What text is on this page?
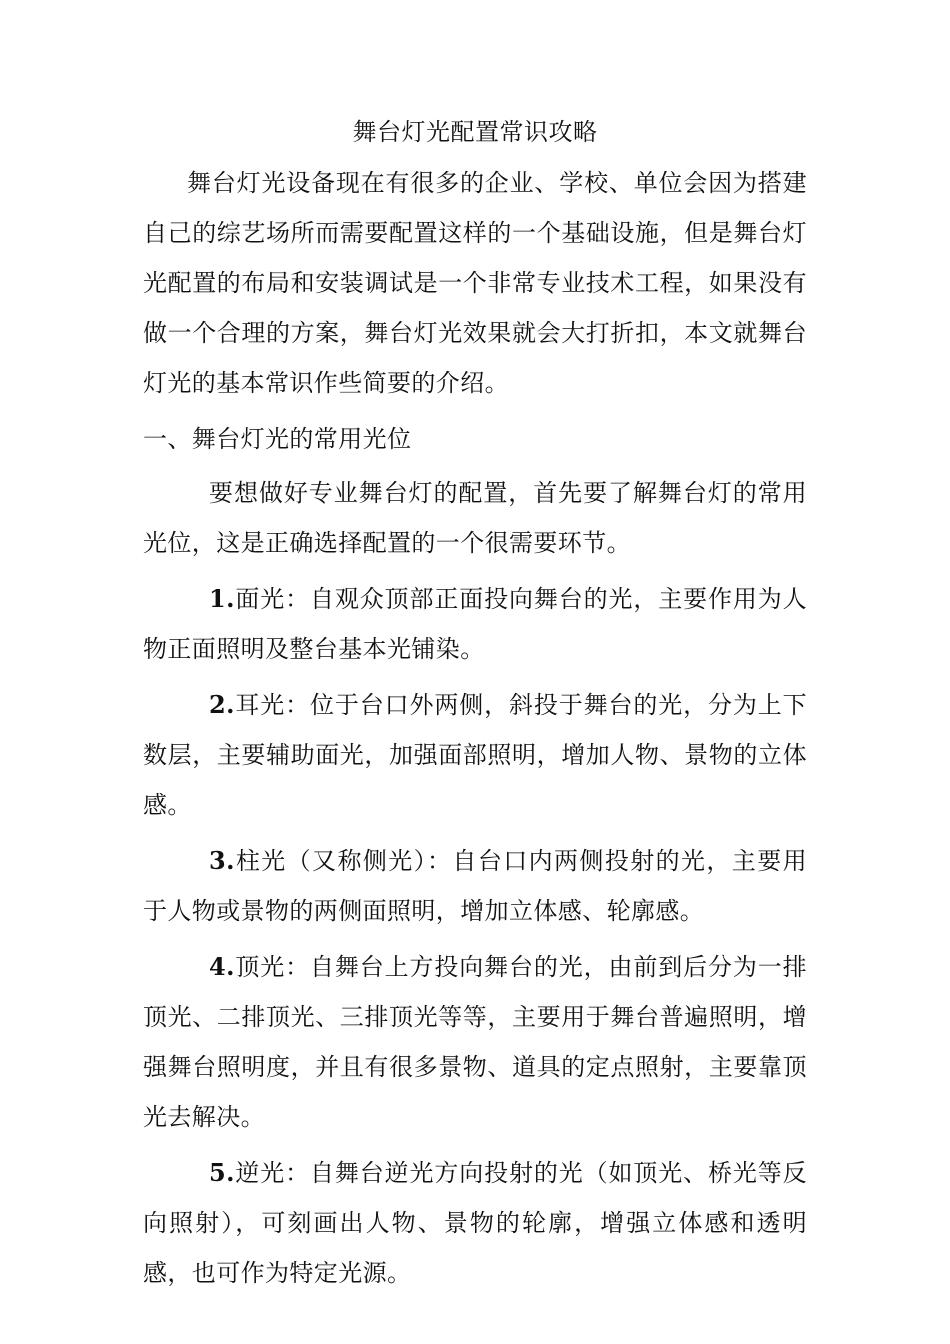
舞台灯光配置常识攻略

舞台灯光设备现在有很多的企业、学校、单位会因为搭建自己的综艺场所而需要配置这样的一个基础设施，但是舞台灯光配置的布局和安装调试是一个非常专业技术工程，如果没有做一个合理的方案，舞台灯光效果就会大打折扣，本文就舞台灯光的基本常识作些简要的介绍。

一、舞台灯光的常用光位

要想做好专业舞台灯的配置，首先要了解舞台灯的常用光位，这是正确选择配置的一个很需要环节。

1.面光：自观众顶部正面投向舞台的光，主要作用为人物正面照明及整台基本光铺染。

2.耳光：位于台口外两侧，斜投于舞台的光，分为上下数层，主要辅助面光，加强面部照明，增加人物、景物的立体感。

3.柱光（又称侧光）：自台口内两侧投射的光，主要用于人物或景物的两侧面照明，增加立体感、轮廓感。

4.顶光：自舞台上方投向舞台的光，由前到后分为一排顶光、二排顶光、三排顶光等等，主要用于舞台普遍照明，增强舞台照明度，并且有很多景物、道具的定点照射，主要靠顶光去解决。

5.逆光：自舞台逆光方向投射的光（如顶光、桥光等反向照射），可刻画出人物、景物的轮廓，增强立体感和透明感，也可作为特定光源。
